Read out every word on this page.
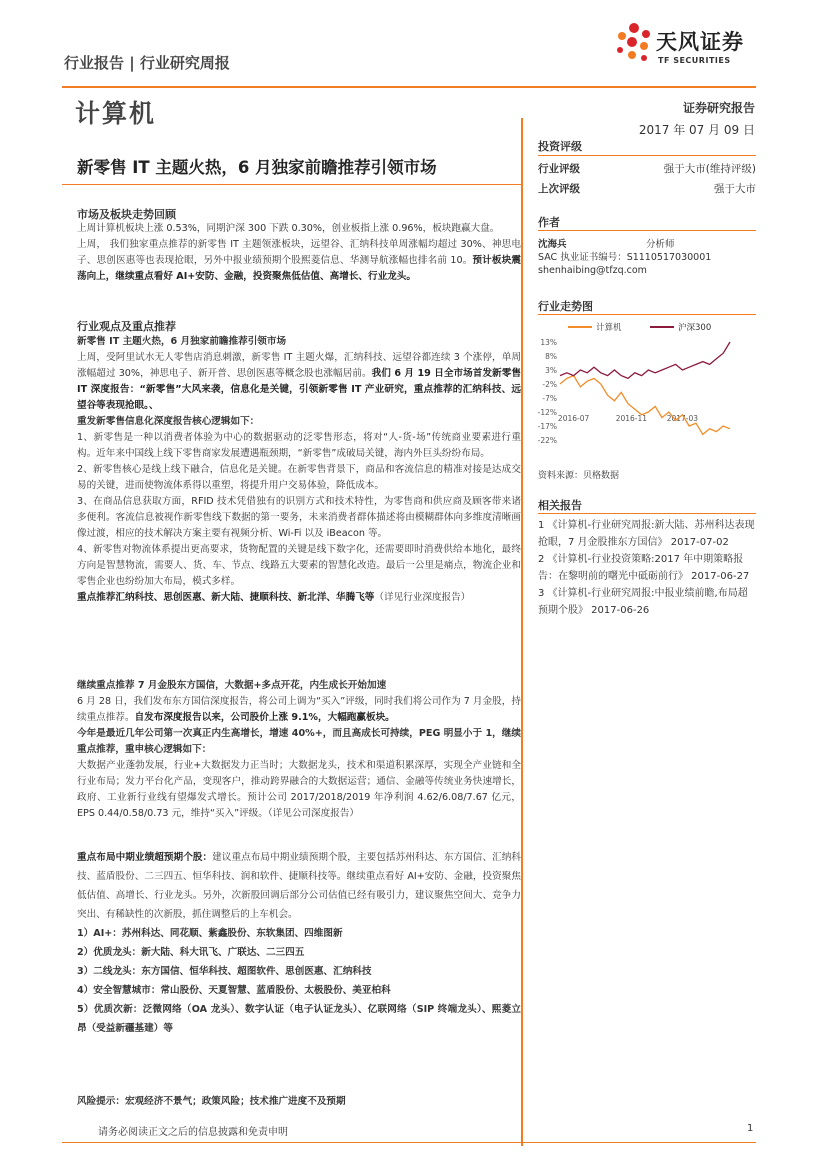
行业报告 | 行业研究周报
天风证券
TF SECURITIES
计算机	证券研究报告
2017 年 07 月 09 日
新零售 IT 主题火热，6 月独家前瞻推荐引领市场
市场及板块走势回顾

上周计算机板块上涨 0.53%，同期沪深 300 下跌 0.30%，创业板指上涨 0.96%，板块跑赢大盘。

上周， 我们独家重点推荐的新零售 IT 主题领涨板块，远望谷、汇纳科技单周涨幅均超过 30%、神思电子、思创医惠等也表现抢眼，另外中报业绩预期个股熙菱信息、华测导航涨幅也排名前 10。预计板块震荡向上，继续重点看好 AI+安防、金融，投资聚焦低估值、高增长、行业龙头。

行业观点及重点推荐

新零售 IT 主题火热，6 月独家前瞻推荐引领市场

上周，受阿里试水无人零售店消息刺激，新零售 IT 主题火爆，汇纳科技、远望谷都连续 3 个涨停，单周涨幅超过 30%，神思电子、新开普、思创医惠等概念股也涨幅居前。我们 6 月 19 日全市场首发新零售 IT 深度报告：“新零售”大风来袭，信息化是关键，引领新零售 IT 产业研究，重点推荐的汇纳科技、远望谷等表现抢眼。、

重发新零售信息化深度报告核心逻辑如下：

1、新零售是一种以消费者体验为中心的数据驱动的泛零售形态，将对“人-货-场”传统商业要素进行重构。近年来中国线上线下零售商家发展遭遇瓶颈期，“新零售”成破局关键，海内外巨头纷纷布局。

2、新零售核心是线上线下融合，信息化是关键。在新零售背景下，商品和客流信息的精准对接是达成交易的关键，进而使物流体系得以重塑，将提升用户交易体验，降低成本。

3、在商品信息获取方面，RFID 技术凭借独有的识别方式和技术特性，为零售商和供应商及顾客带来诸多便利。客流信息被视作新零售线下数据的第一要务，未来消费者群体描述将由模糊群体向多维度清晰画像过渡，相应的技术解决方案主要有视频分析、Wi-Fi 以及 iBeacon 等。

4、新零售对物流体系提出更高要求，货物配置的关键是线下数字化，还需要即时消费供给本地化，最终方向是智慧物流，需要人、货、车、节点、线路五大要素的智慧化改造。最后一公里是痛点，物流企业和零售企业也纷纷加大布局，模式多样。

重点推荐汇纳科技、思创医惠、新大陆、捷顺科技、新北洋、华腾飞等（详见行业深度报告）

继续重点推荐 7 月金股东方国信，大数据+多点开花，内生成长开始加速

6 月 28 日，我们发布东方国信深度报告，将公司上调为“买入”评级，同时我们将公司作为 7 月金股，持续重点推荐。自发布深度报告以来，公司股价上涨 9.1%，大幅跑赢板块。

今年是最近几年公司第一次真正内生高增长，增速 40%+，而且高成长可持续，PEG 明显小于 1，继续重点推荐，重申核心逻辑如下：

大数据产业蓬勃发展，行业+大数据发力正当时；大数据龙头，技术和渠道积累深厚，实现全产业链和全行业布局；发力平台化产品，变现客户，推动跨界融合的大数据运营；通信、金融等传统业务快速增长，政府、工业新行业线有望爆发式增长。预计公司 2017/2018/2019 年净利润 4.62/6.08/7.67 亿元，EPS 0.44/0.58/0.73 元，维持“买入”评级。（详见公司深度报告）

重点布局中期业绩超预期个股：建议重点布局中期业绩预期个股，主要包括苏州科达、东方国信、汇纳科技、蓝盾股份、二三四五、恒华科技、润和软件、捷顺科技等。继续重点看好 AI+安防、金融，投资聚焦低估值、高增长、行业龙头。另外，次新股回调后部分公司估值已经有吸引力，建议聚焦空间大、竞争力突出、有稀缺性的次新股，抓住调整后的上车机会。

1）AI+：苏州科达、同花顺、紫鑫股份、东软集团、四维图新

2）优质龙头：新大陆、科大讯飞、广联达、二三四五

3）二线龙头：东方国信、恒华科技、超图软件、思创医惠、汇纳科技

4）安全智慧城市：常山股份、天夏智慧、蓝盾股份、太极股份、美亚柏科

5）优质次新：泛微网络（OA 龙头）、数字认证（电子认证龙头）、亿联网络（SIP 终端龙头）、熙菱立昂（受益新疆基建）等

风险提示：宏观经济不景气；政策风险；技术推广进度不及预期
投资评级
行业评级	强于大市(维持评级)
上次评级	强于大市
作者
沈海兵	分析师
SAC 执业证书编号：S1110517030001
shenhaibing@tfzq.com
行业走势图
计算机	沪深300
13%
8%
3%
-2%
-7%
-12%
-17%
-22%
2016-07	2016-11	2017-03
资料来源：贝格数据
相关报告
1 《计算机-行业研究周报:新大陆、苏州科达表现抢眼，7 月金股推东方国信》 2017-07-02
2 《计算机-行业投资策略:2017 年中期策略报告：在黎明前的曙光中砥砺前行》 2017-06-27
3 《计算机-行业研究周报:中报业绩前瞻,布局超预期个股》 2017-06-26
请务必阅读正文之后的信息披露和免责申明	1
